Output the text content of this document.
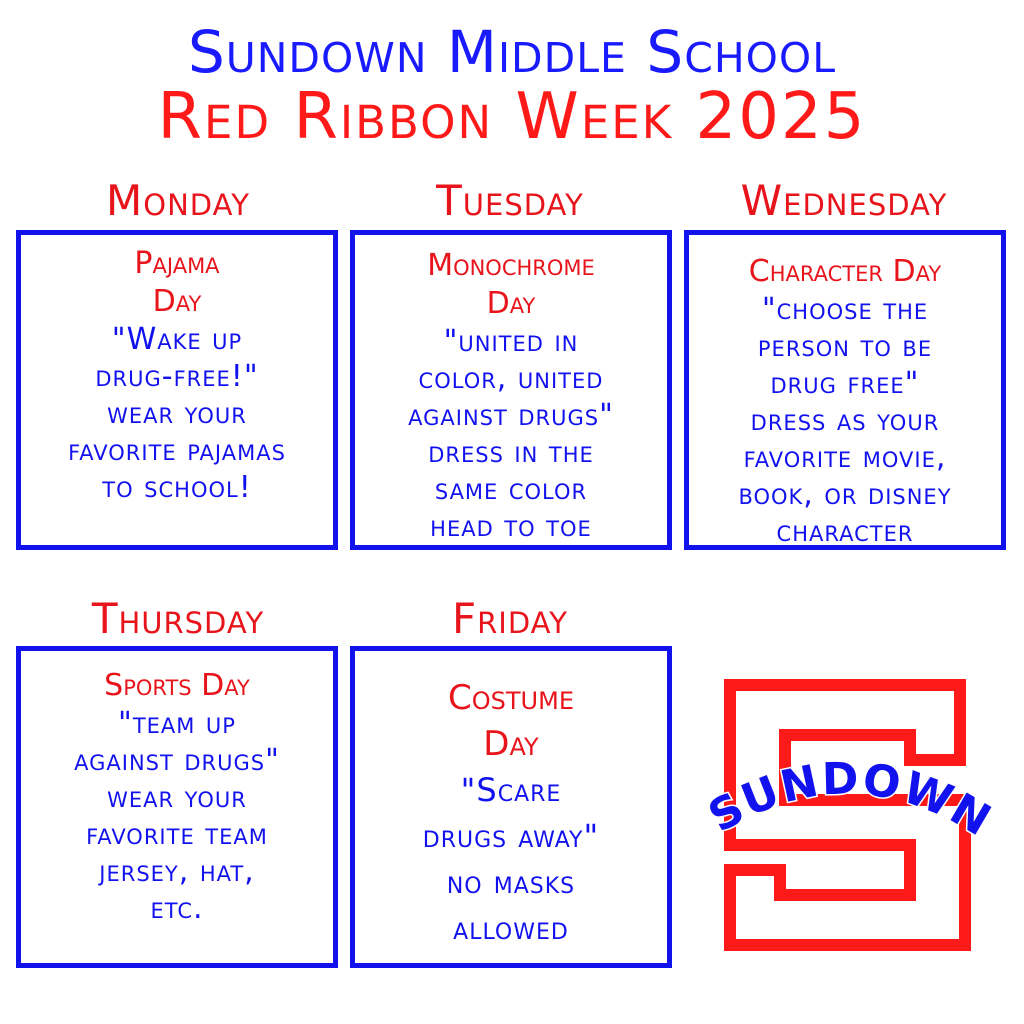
Sundown Middle School
Red Ribbon Week 2025
Monday
Pajama
Day
"Wake up
drug-free!"
wear your
favorite pajamas
to school!
Tuesday
Monochrome
Day
"united in
color, united
against drugs"
dress in the
same color
head to toe
Wednesday
Character Day
"choose the
person to be
drug free"
dress as your
favorite movie,
book, or disney
character
Thursday
Sports Day
"team up
against drugs"
wear your
favorite team
jersey, hat,
etc.
Friday
Costume
Day
"Scare
drugs away"
no masks
allowed
SUNDOWN
